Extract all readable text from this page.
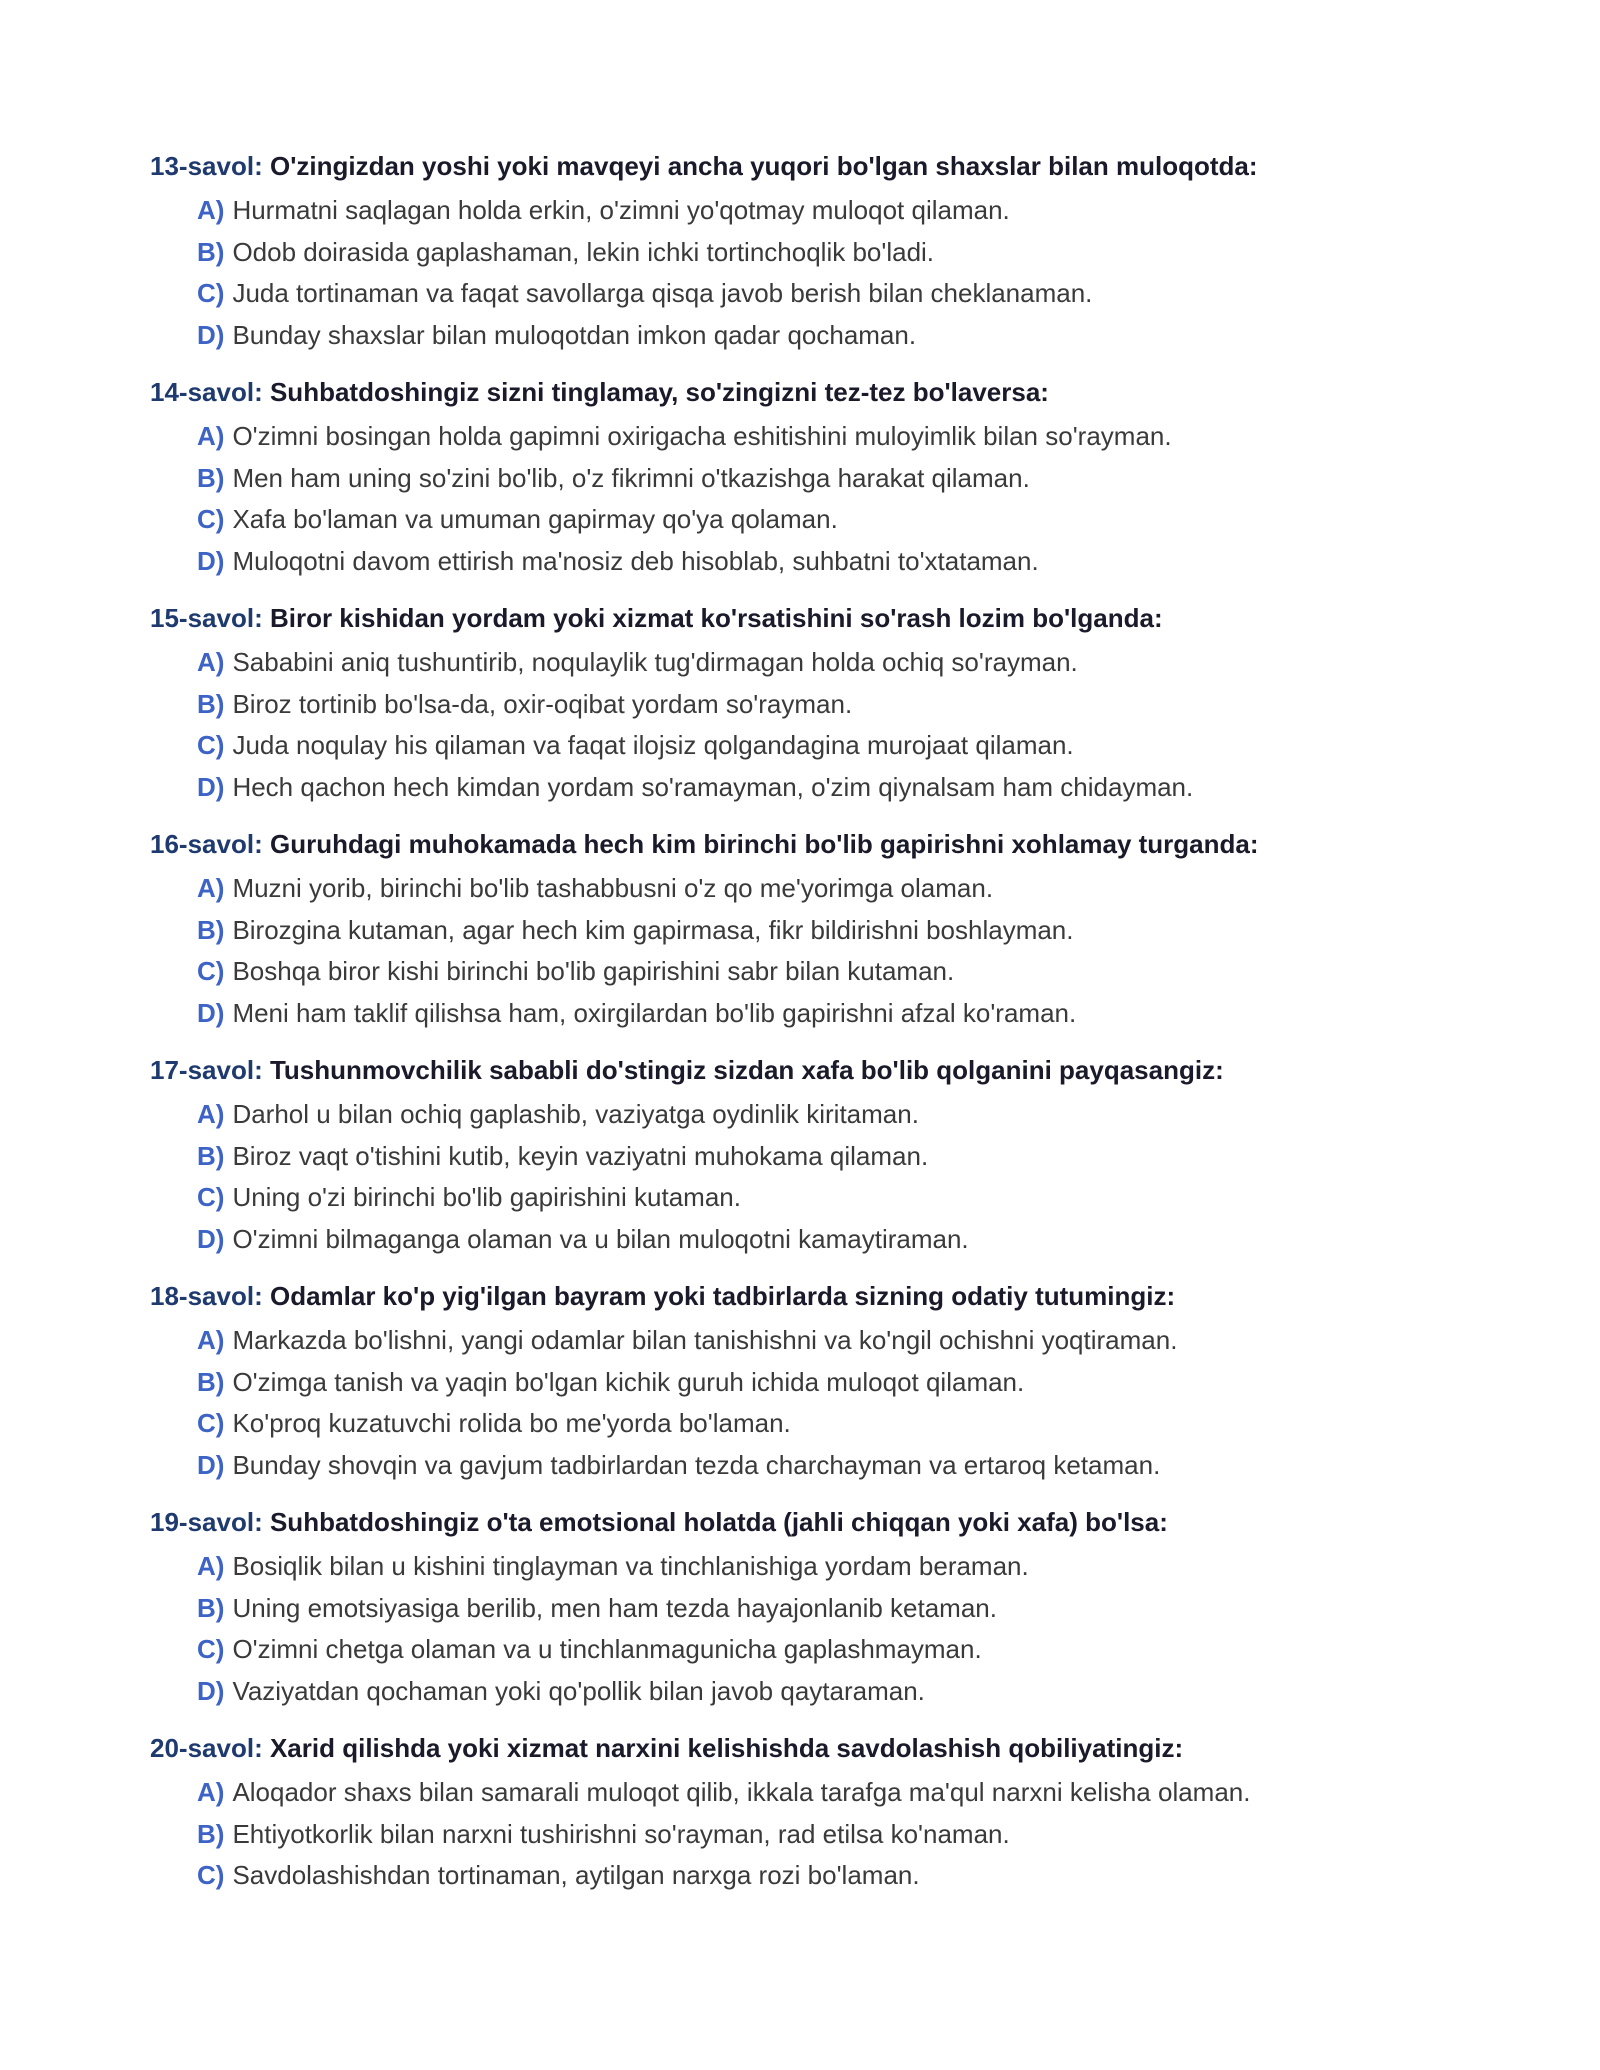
13-savol: O'zingizdan yoshi yoki mavqeyi ancha yuqori bo'lgan shaxslar bilan muloqotda:
A) Hurmatni saqlagan holda erkin, o'zimni yo'qotmay muloqot qilaman.
B) Odob doirasida gaplashaman, lekin ichki tortinchoqlik bo'ladi.
C) Juda tortinaman va faqat savollarga qisqa javob berish bilan cheklanaman.
D) Bunday shaxslar bilan muloqotdan imkon qadar qochaman.
14-savol: Suhbatdoshingiz sizni tinglamay, so'zingizni tez-tez bo'laversa:
A) O'zimni bosingan holda gapimni oxirigacha eshitishini muloyimlik bilan so'rayman.
B) Men ham uning so'zini bo'lib, o'z fikrimni o'tkazishga harakat qilaman.
C) Xafa bo'laman va umuman gapirmay qo'ya qolaman.
D) Muloqotni davom ettirish ma'nosiz deb hisoblab, suhbatni to'xtataman.
15-savol: Biror kishidan yordam yoki xizmat ko'rsatishini so'rash lozim bo'lganda:
A) Sababini aniq tushuntirib, noqulaylik tug'dirmagan holda ochiq so'rayman.
B) Biroz tortinib bo'lsa-da, oxir-oqibat yordam so'rayman.
C) Juda noqulay his qilaman va faqat ilojsiz qolgandagina murojaat qilaman.
D) Hech qachon hech kimdan yordam so'ramayman, o'zim qiynalsam ham chidayman.
16-savol: Guruhdagi muhokamada hech kim birinchi bo'lib gapirishni xohlamay turganda:
A) Muzni yorib, birinchi bo'lib tashabbusni o'z qo me'yorimga olaman.
B) Birozgina kutaman, agar hech kim gapirmasa, fikr bildirishni boshlayman.
C) Boshqa biror kishi birinchi bo'lib gapirishini sabr bilan kutaman.
D) Meni ham taklif qilishsa ham, oxirgilardan bo'lib gapirishni afzal ko'raman.
17-savol: Tushunmovchilik sababli do'stingiz sizdan xafa bo'lib qolganini payqasangiz:
A) Darhol u bilan ochiq gaplashib, vaziyatga oydinlik kiritaman.
B) Biroz vaqt o'tishini kutib, keyin vaziyatni muhokama qilaman.
C) Uning o'zi birinchi bo'lib gapirishini kutaman.
D) O'zimni bilmaganga olaman va u bilan muloqotni kamaytiraman.
18-savol: Odamlar ko'p yig'ilgan bayram yoki tadbirlarda sizning odatiy tutumingiz:
A) Markazda bo'lishni, yangi odamlar bilan tanishishni va ko'ngil ochishni yoqtiraman.
B) O'zimga tanish va yaqin bo'lgan kichik guruh ichida muloqot qilaman.
C) Ko'proq kuzatuvchi rolida bo me'yorda bo'laman.
D) Bunday shovqin va gavjum tadbirlardan tezda charchayman va ertaroq ketaman.
19-savol: Suhbatdoshingiz o'ta emotsional holatda (jahli chiqqan yoki xafa) bo'lsa:
A) Bosiqlik bilan u kishini tinglayman va tinchlanishiga yordam beraman.
B) Uning emotsiyasiga berilib, men ham tezda hayajonlanib ketaman.
C) O'zimni chetga olaman va u tinchlanmagunicha gaplashmayman.
D) Vaziyatdan qochaman yoki qo'pollik bilan javob qaytaraman.
20-savol: Xarid qilishda yoki xizmat narxini kelishishda savdolashish qobiliyatingiz:
A) Aloqador shaxs bilan samarali muloqot qilib, ikkala tarafga ma'qul narxni kelisha olaman.
B) Ehtiyotkorlik bilan narxni tushirishni so'rayman, rad etilsa ko'naman.
C) Savdolashishdan tortinaman, aytilgan narxga rozi bo'laman.
